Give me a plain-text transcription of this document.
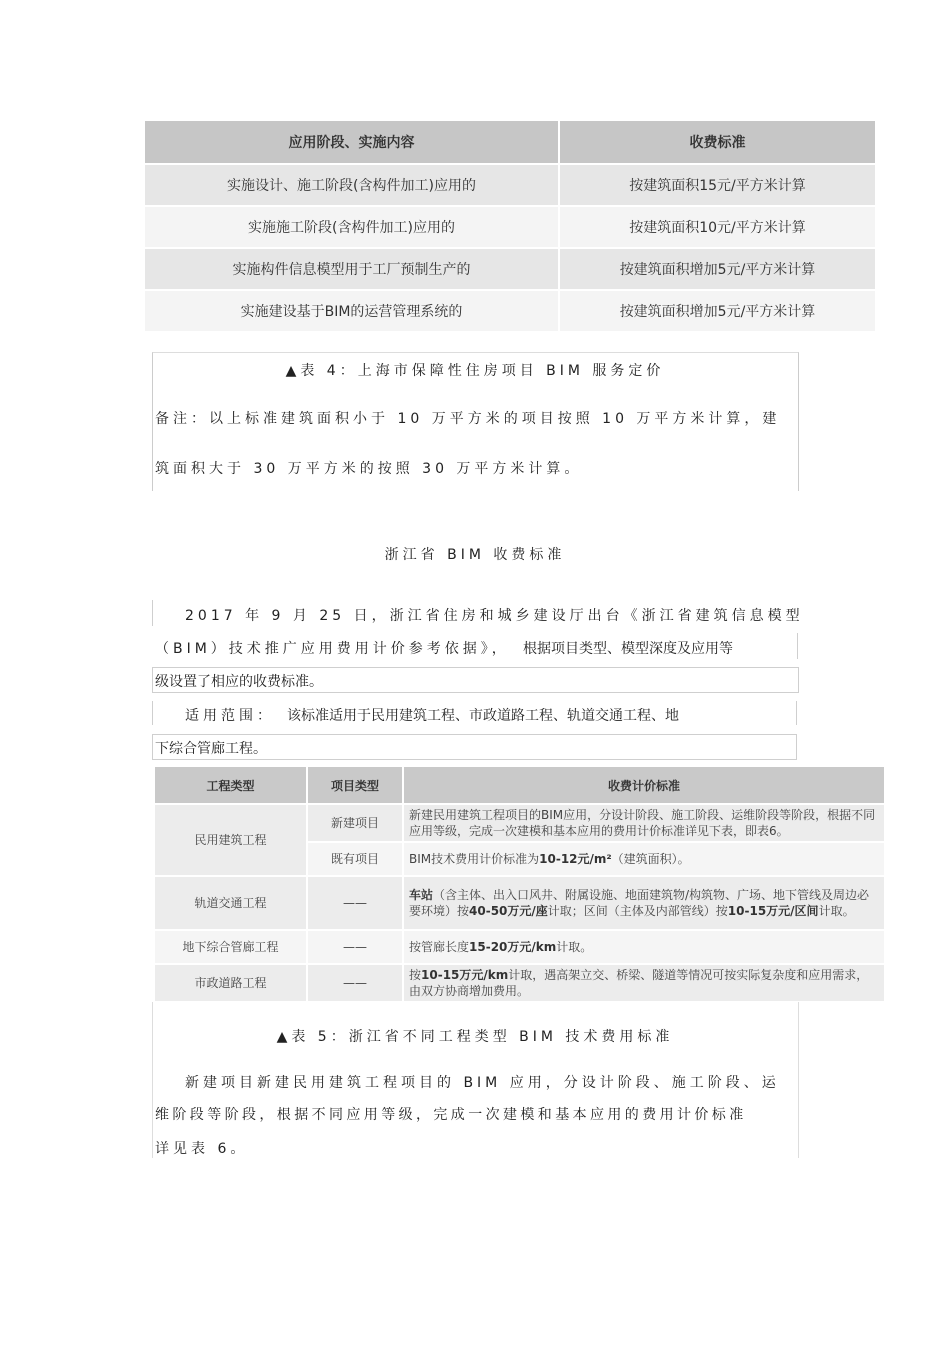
应用阶段、实施内容	收费标准
实施设计、施工阶段(含构件加工)应用的	按建筑面积15元/平方米计算
实施施工阶段(含构件加工)应用的	按建筑面积10元/平方米计算
实施构件信息模型用于工厂预制生产的	按建筑面积增加5元/平方米计算
实施建设基于BIM的运营管理系统的	按建筑面积增加5元/平方米计算
▲表 4：上海市保障性住房项目 BIM 服务定价
备注：以上标准建筑面积小于 10 万平方米的项目按照 10 万平方米计算，建
筑面积大于 30 万平方米的按照 30 万平方米计算。
浙江省 BIM 收费标准
2017 年 9 月 25 日，浙江省住房和城乡建设厅出台《浙江省建筑信息模型
（BIM）技术推广应用费用计价参考依据》， 根据项目类型、模型深度及应用等
级设置了相应的收费标准。
适用范围： 该标准适用于民用建筑工程、市政道路工程、轨道交通工程、地
下综合管廊工程。
工程类型	项目类型	收费计价标准
民用建筑工程	新建项目	新建民用建筑工程项目的BIM应用，分设计阶段、施工阶段、运维阶段等阶段，根据不同应用等级，完成一次建模和基本应用的费用计价标准详见下表，即表6。
	既有项目	BIM技术费用计价标准为10-12元/m²（建筑面积）。
轨道交通工程	——	车站（含主体、出入口风井、附属设施、地面建筑物/构筑物、广场、地下管线及周边必要环境）按40-50万元/座计取；区间（主体及内部管线）按10-15万元/区间计取。
地下综合管廊工程	——	按管廊长度15-20万元/km计取。
市政道路工程	——	按10-15万元/km计取，遇高架立交、桥梁、隧道等情况可按实际复杂度和应用需求，由双方协商增加费用。
▲表 5：浙江省不同工程类型 BIM 技术费用标准
新建项目新建民用建筑工程项目的 BIM 应用，分设计阶段、施工阶段、运
维阶段等阶段，根据不同应用等级，完成一次建模和基本应用的费用计价标准
详见表 6。
